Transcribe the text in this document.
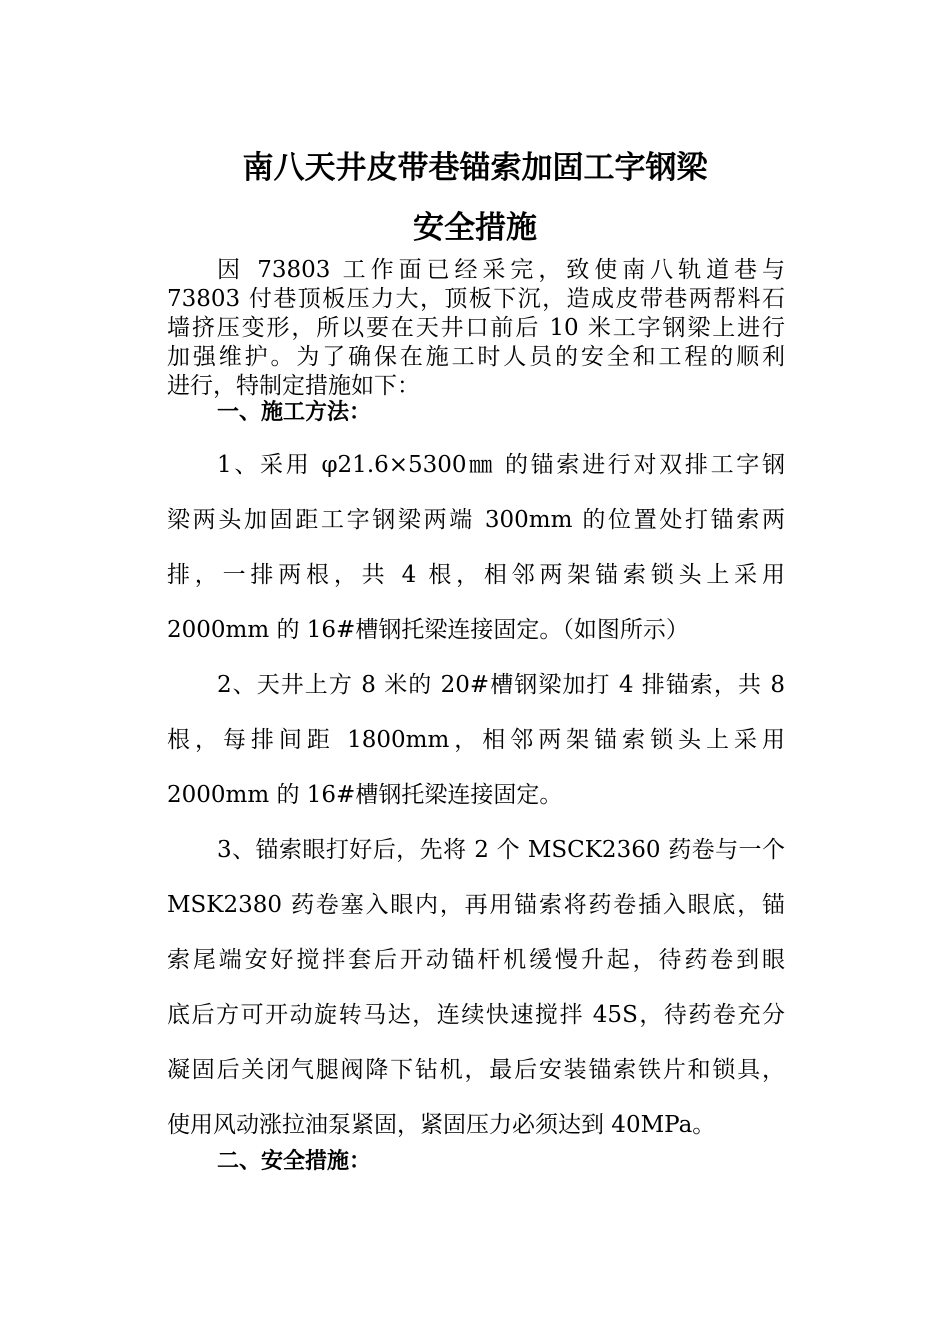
南八天井皮带巷锚索加固工字钢梁
安全措施
因 73803 工作面已经采完，致使南八轨道巷与
73803 付巷顶板压力大，顶板下沉，造成皮带巷两帮料石
墙挤压变形，所以要在天井口前后 10 米工字钢梁上进行
加强维护。为了确保在施工时人员的安全和工程的顺利
进行，特制定措施如下：
一、施工方法：
1、采用 φ21.6×5300㎜ 的锚索进行对双排工字钢
梁两头加固距工字钢梁两端 300mm 的位置处打锚索两
排，一排两根，共 4 根，相邻两架锚索锁头上采用
2000mm 的 16#槽钢托梁连接固定。（如图所示）
2、天井上方 8 米的 20#槽钢梁加打 4 排锚索，共 8
根，每排间距 1800mm，相邻两架锚索锁头上采用
2000mm 的 16#槽钢托梁连接固定。
3、锚索眼打好后，先将 2 个 MSCK2360 药卷与一个
MSK2380 药卷塞入眼内，再用锚索将药卷插入眼底，锚
索尾端安好搅拌套后开动锚杆机缓慢升起，待药卷到眼
底后方可开动旋转马达，连续快速搅拌 45S，待药卷充分
凝固后关闭气腿阀降下钻机，最后安装锚索铁片和锁具，
使用风动涨拉油泵紧固，紧固压力必须达到 40MPa。
二、安全措施：
